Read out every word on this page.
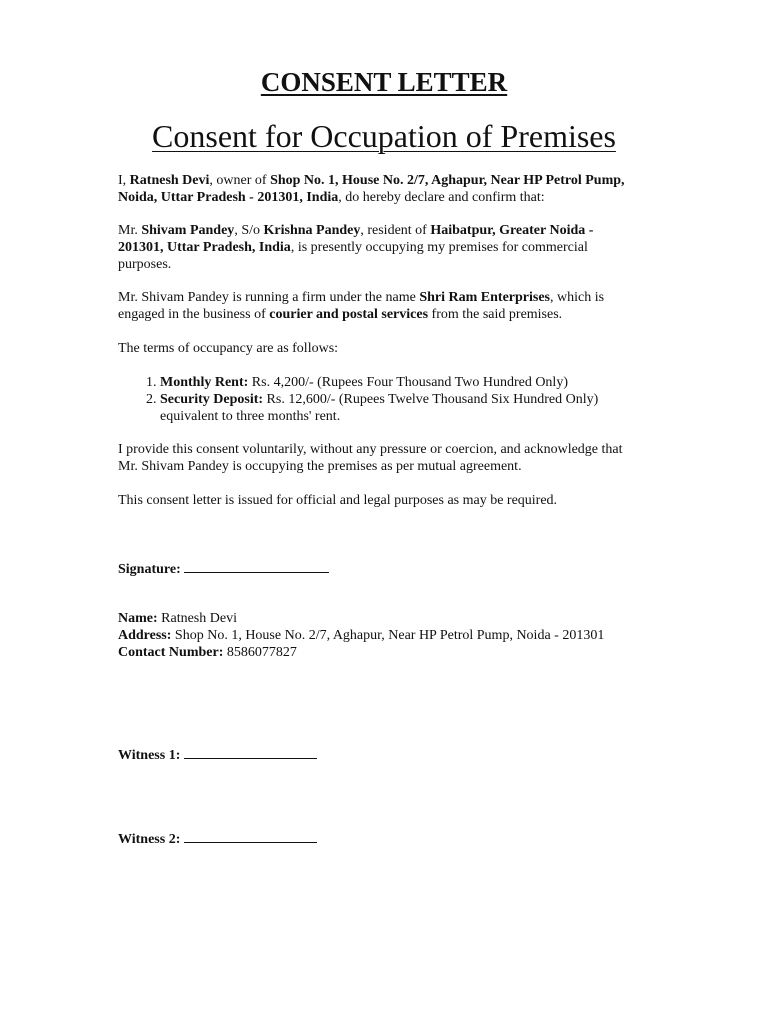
CONSENT LETTER
Consent for Occupation of Premises
I, Ratnesh Devi, owner of Shop No. 1, House No. 2/7, Aghapur, Near HP Petrol Pump, Noida, Uttar Pradesh - 201301, India, do hereby declare and confirm that:
Mr. Shivam Pandey, S/o Krishna Pandey, resident of Haibatpur, Greater Noida - 201301, Uttar Pradesh, India, is presently occupying my premises for commercial purposes.
Mr. Shivam Pandey is running a firm under the name Shri Ram Enterprises, which is engaged in the business of courier and postal services from the said premises.
The terms of occupancy are as follows:
1. Monthly Rent: Rs. 4,200/- (Rupees Four Thousand Two Hundred Only)
2. Security Deposit: Rs. 12,600/- (Rupees Twelve Thousand Six Hundred Only) equivalent to three months' rent.
I provide this consent voluntarily, without any pressure or coercion, and acknowledge that Mr. Shivam Pandey is occupying the premises as per mutual agreement.
This consent letter is issued for official and legal purposes as may be required.
Signature:
Name: Ratnesh Devi
Address: Shop No. 1, House No. 2/7, Aghapur, Near HP Petrol Pump, Noida - 201301
Contact Number: 8586077827
Witness 1:
Witness 2:
